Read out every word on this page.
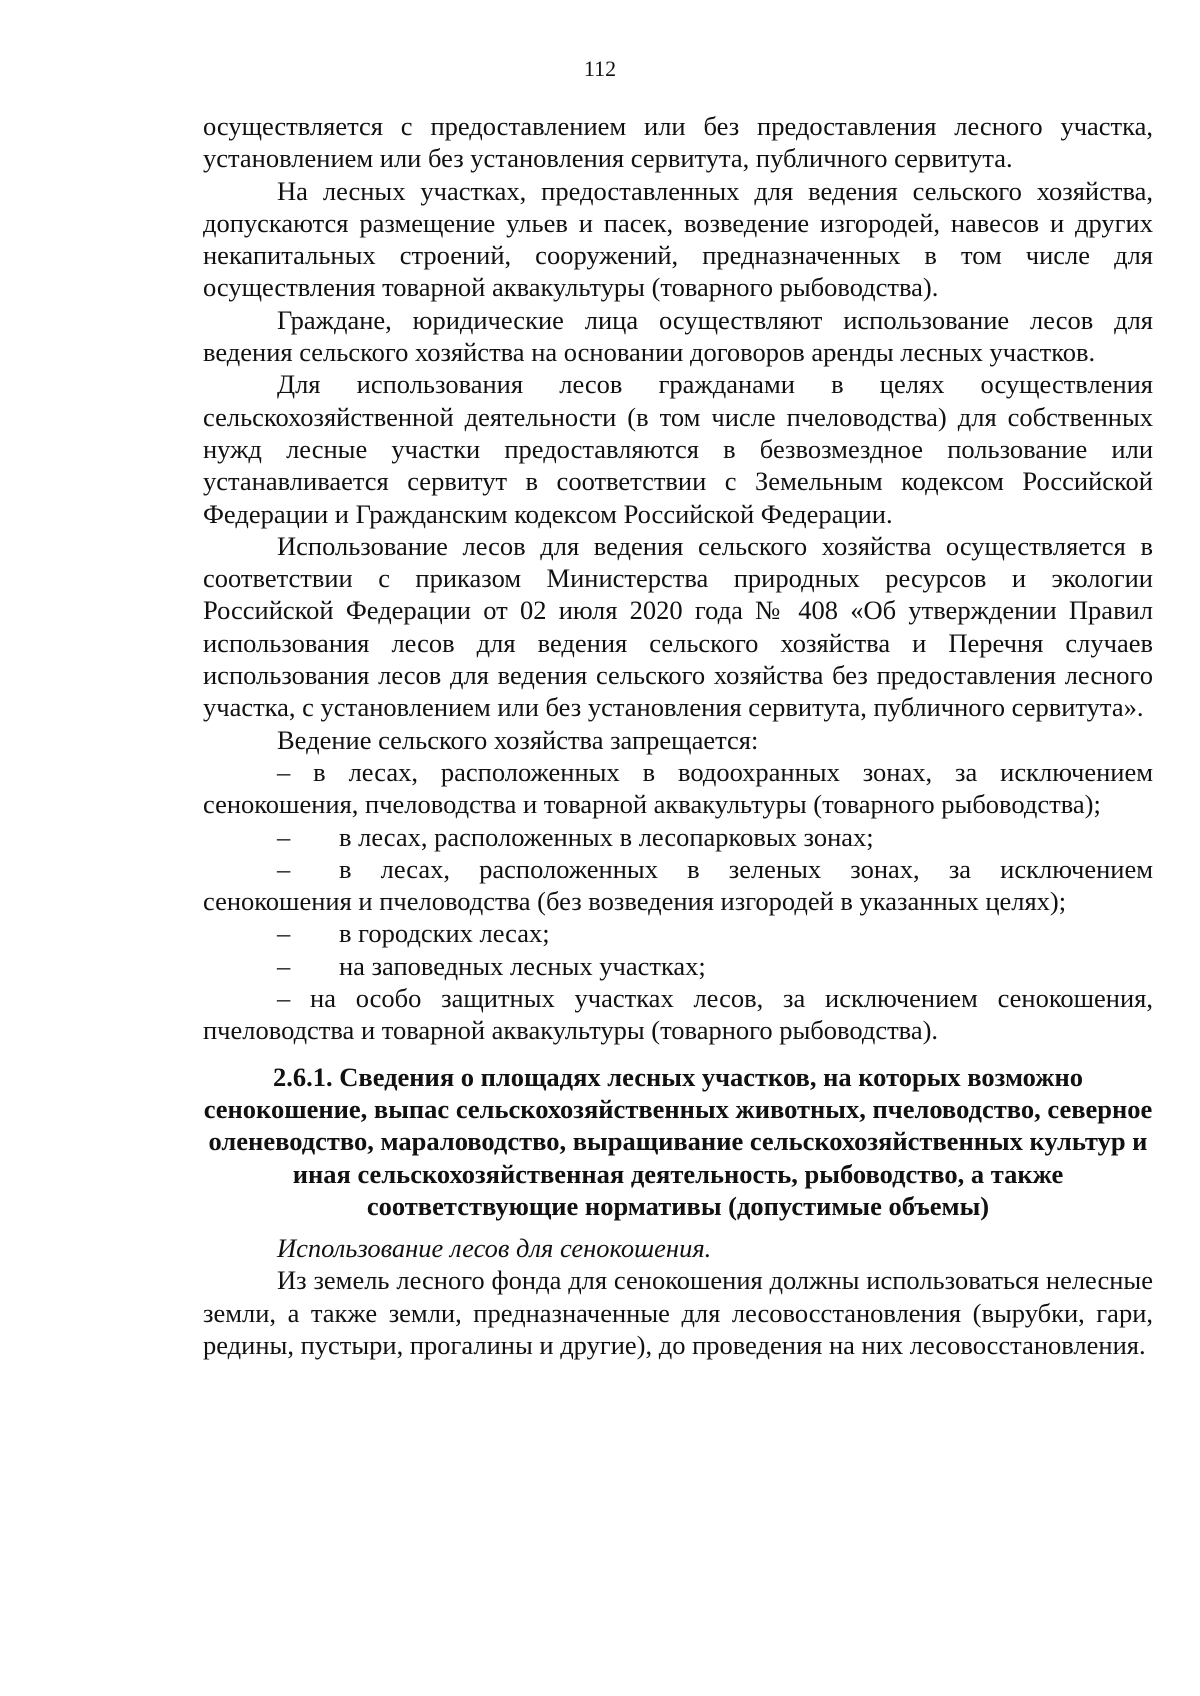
112

осуществляется с предоставлением или без предоставления лесного участка, установлением или без установления сервитута, публичного сервитута.

На лесных участках, предоставленных для ведения сельского хозяйства, допускаются размещение ульев и пасек, возведение изгородей, навесов и других некапитальных строений, сооружений, предназначенных в том числе для осуществления товарной аквакультуры (товарного рыбоводства).

Граждане, юридические лица осуществляют использование лесов для ведения сельского хозяйства на основании договоров аренды лесных участков.

Для использования лесов гражданами в целях осуществления сельскохозяйственной деятельности (в том числе пчеловодства) для собственных нужд лесные участки предоставляются в безвозмездное пользование или устанавливается сервитут в соответствии с Земельным кодексом Российской Федерации и Гражданским кодексом Российской Федерации.

Использование лесов для ведения сельского хозяйства осуществляется в соответствии с приказом Министерства природных ресурсов и экологии Российской Федерации от 02 июля 2020 года № 408 «Об утверждении Правил использования лесов для ведения сельского хозяйства и Перечня случаев использования лесов для ведения сельского хозяйства без предоставления лесного участка, с установлением или без установления сервитута, публичного сервитута».

Ведение сельского хозяйства запрещается:

– в лесах, расположенных в водоохранных зонах, за исключением сенокошения, пчеловодства и товарной аквакультуры (товарного рыбоводства);

–	в лесах, расположенных в лесопарковых зонах;
–	в лесах, расположенных в зеленых зонах, за исключением

сенокошения и пчеловодства (без возведения изгородей в указанных целях);

–	в городских лесах;
–	на заповедных лесных участках;

– на особо защитных участках лесов, за исключением сенокошения, пчеловодства и товарной аквакультуры (товарного рыбоводства).

2.6.1. Сведения о площадях лесных участков, на которых возможно сенокошение, выпас сельскохозяйственных животных, пчеловодство, северное оленеводство, мараловодство, выращивание сельскохозяйственных культур и иная сельскохозяйственная деятельность, рыбоводство, а также соответствующие нормативы (допустимые объемы)

Использование лесов для сенокошения.

Из земель лесного фонда для сенокошения должны использоваться нелесные земли, а также земли, предназначенные для лесовосстановления (вырубки, гари, редины, пустыри, прогалины и другие), до проведения на них лесовосстановления.
